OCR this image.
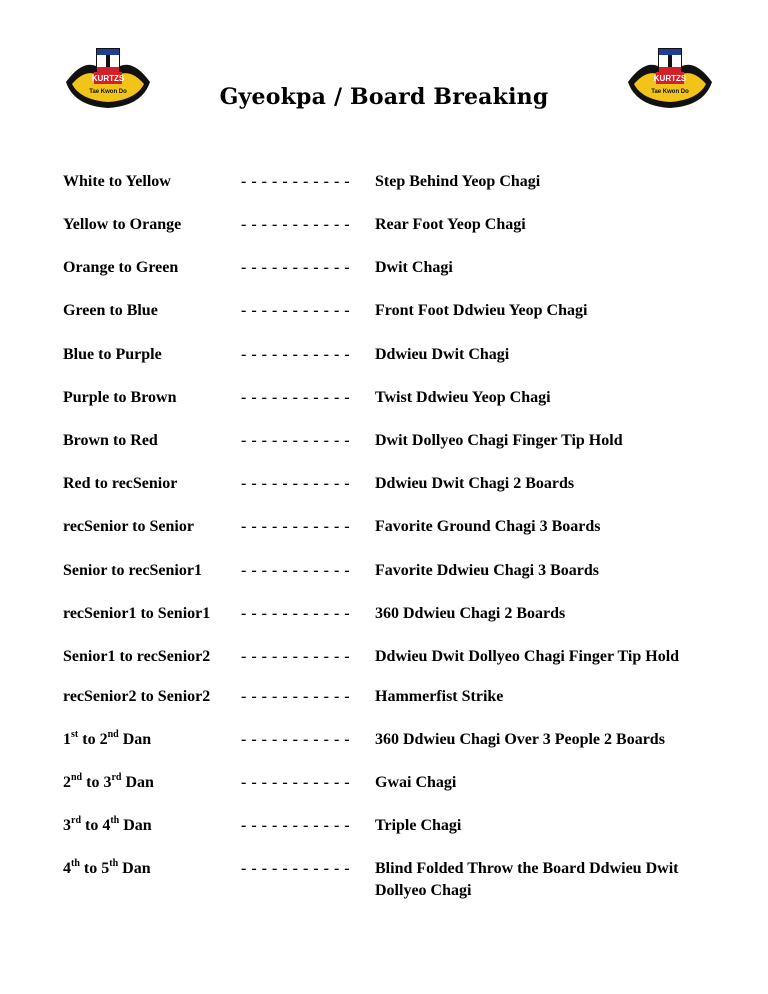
KURTZS
Tae Kwon Do
KURTZS
Tae Kwon Do
Gyeokpa / Board Breaking
White to Yellow	- - - - - - - - - - - Step Behind Yeop Chagi
Yellow to Orange	- - - - - - - - - - - Rear Foot Yeop Chagi
Orange to Green	- - - - - - - - - - - Dwit Chagi
Green to Blue	- - - - - - - - - - - Front Foot Ddwieu Yeop Chagi
Blue to Purple	- - - - - - - - - - - Ddwieu Dwit Chagi
Purple to Brown	- - - - - - - - - - - Twist Ddwieu Yeop Chagi
Brown to Red	- - - - - - - - - - - Dwit Dollyeo Chagi Finger Tip Hold
Red to recSenior	- - - - - - - - - - - Ddwieu Dwit Chagi 2 Boards
recSenior to Senior	- - - - - - - - - - - Favorite Ground Chagi 3 Boards
Senior to recSenior1 - - - - - - - - - - - Favorite Ddwieu Chagi 3 Boards
recSenior1 to Senior1 - - - - - - - - - - - 360 Ddwieu Chagi 2 Boards
Senior1 to recSenior2 - - - - - - - - - - - Ddwieu Dwit Dollyeo Chagi Finger Tip Hold
recSenior2 to Senior2 - - - - - - - - - - - Hammerfist Strike
1st to 2nd Dan	- - - - - - - - - - - 360 Ddwieu Chagi Over 3 People 2 Boards
2nd to 3rd Dan	- - - - - - - - - - - Gwai Chagi
3rd to 4th Dan	- - - - - - - - - - - Triple Chagi
4th to 5th Dan	- - - - - - - - - - - Blind Folded Throw the Board Ddwieu Dwit Dollyeo Chagi
